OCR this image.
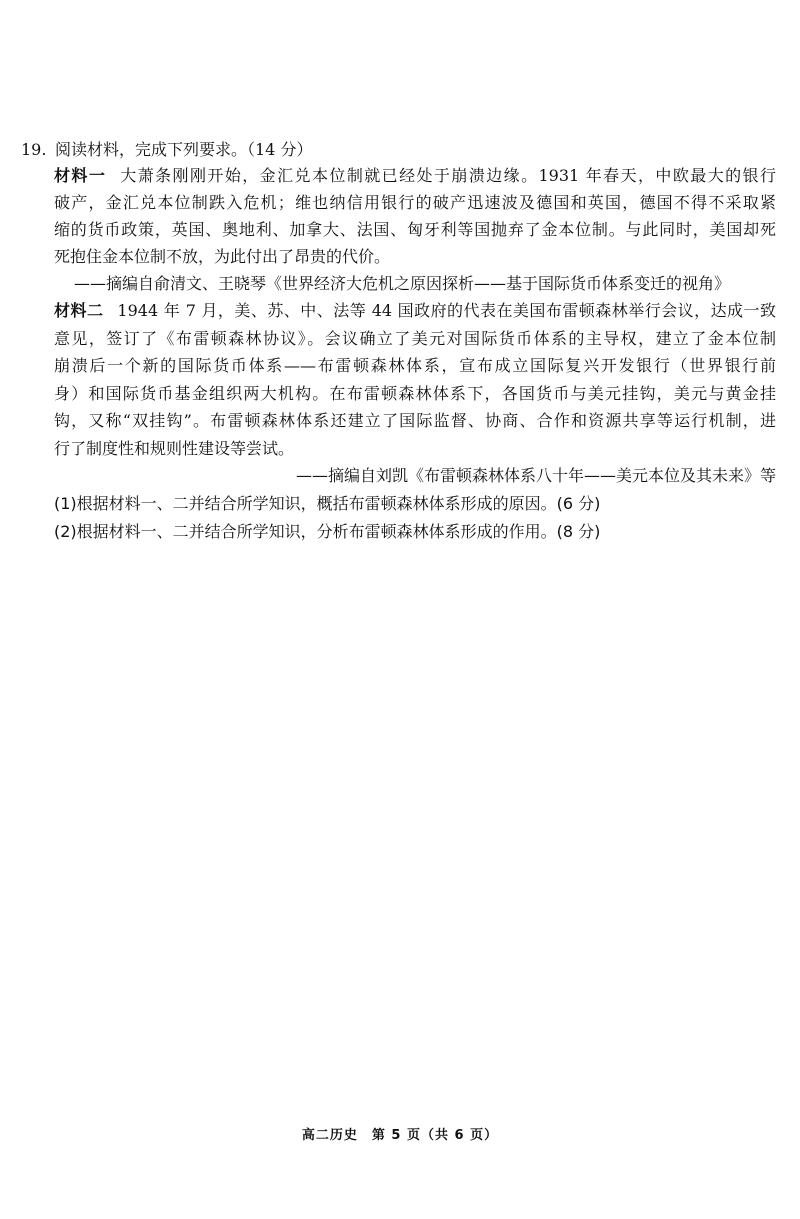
19. 阅读材料，完成下列要求。（14 分）
材料一 大萧条刚刚开始，金汇兑本位制就已经处于崩溃边缘。1931 年春天，中欧最大的银行
破产，金汇兑本位制跌入危机；维也纳信用银行的破产迅速波及德国和英国，德国不得不采取紧
缩的货币政策，英国、奥地利、加拿大、法国、匈牙利等国抛弃了金本位制。与此同时，美国却死
死抱住金本位制不放，为此付出了昂贵的代价。
——摘编自俞清文、王晓琴《世界经济大危机之原因探析——基于国际货币体系变迁的视角》
材料二 1944 年 7 月，美、苏、中、法等 44 国政府的代表在美国布雷顿森林举行会议，达成一致
意见，签订了《布雷顿森林协议》。会议确立了美元对国际货币体系的主导权，建立了金本位制
崩溃后一个新的国际货币体系——布雷顿森林体系，宣布成立国际复兴开发银行（世界银行前
身）和国际货币基金组织两大机构。在布雷顿森林体系下，各国货币与美元挂钩，美元与黄金挂
钩，又称“双挂钩”。布雷顿森林体系还建立了国际监督、协商、合作和资源共享等运行机制，进
行了制度性和规则性建设等尝试。
——摘编自刘凯《布雷顿森林体系八十年——美元本位及其未来》等
(1)根据材料一、二并结合所学知识，概括布雷顿森林体系形成的原因。(6 分)
(2)根据材料一、二并结合所学知识，分析布雷顿森林体系形成的作用。(8 分)
高二历史　第 5 页（共 6 页）
